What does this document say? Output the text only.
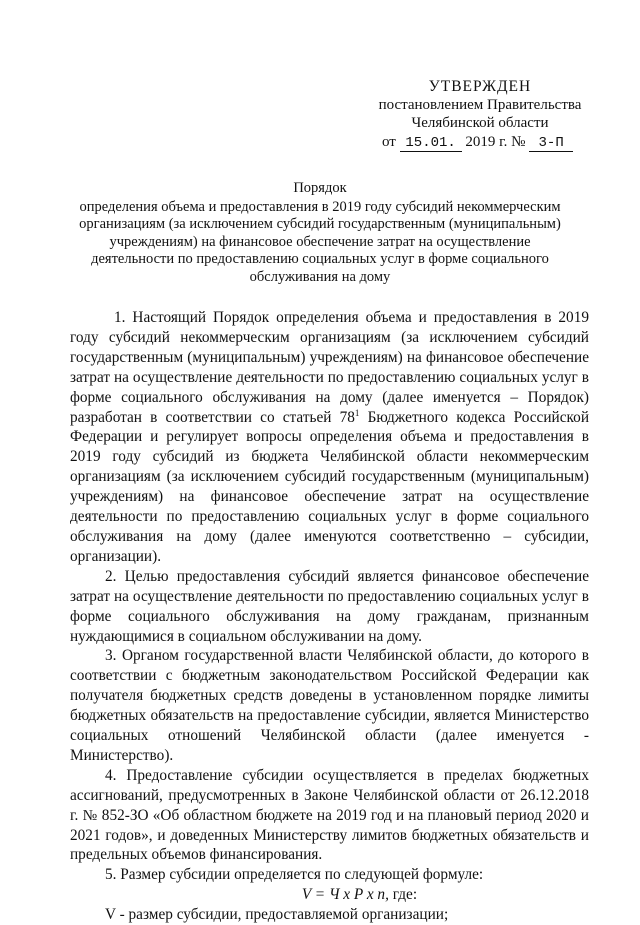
УТВЕРЖДЕН
постановлением Правительства
Челябинской области
от 15.01. 2019 г. № 3-П
Порядок
определения объема и предоставления в 2019 году субсидий некоммерческим организациям (за исключением субсидий государственным (муниципальным) учреждениям) на финансовое обеспечение затрат на осуществление деятельности по предоставлению социальных услуг в форме социального обслуживания на дому

1. Настоящий Порядок определения объема и предоставления в 2019 году субсидий некоммерческим организациям (за исключением субсидий государственным (муниципальным) учреждениям) на финансовое обеспечение затрат на осуществление деятельности по предоставлению социальных услуг в форме социального обслуживания на дому (далее именуется – Порядок) разработан в соответствии со статьей $78^1$ Бюджетного кодекса Российской Федерации и регулирует вопросы определения объема и предоставления в 2019 году субсидий из бюджета Челябинской области некоммерческим организациям (за исключением субсидий государственным (муниципальным) учреждениям) на финансовое обеспечение затрат на осуществление деятельности по предоставлению социальных услуг в форме социального обслуживания на дому (далее именуются соответственно – субсидии, организации).

2. Целью предоставления субсидий является финансовое обеспечение затрат на осуществление деятельности по предоставлению социальных услуг в форме социального обслуживания на дому гражданам, признанным нуждающимися в социальном обслуживании на дому.

3. Органом государственной власти Челябинской области, до которого в соответствии с бюджетным законодательством Российской Федерации как получателя бюджетных средств доведены в установленном порядке лимиты бюджетных обязательств на предоставление субсидии, является Министерство социальных отношений Челябинской области (далее именуется - Министерство).

4. Предоставление субсидии осуществляется в пределах бюджетных ассигнований, предусмотренных в Законе Челябинской области от 26.12.2018 г. № 852-ЗО «Об областном бюджете на 2019 год и на плановый период 2020 и 2021 годов», и доведенных Министерству лимитов бюджетных обязательств и предельных объемов финансирования.

5. Размер субсидии определяется по следующей формуле:

V = Ч х P х n, где:

V - размер субсидии, предоставляемой организации;
